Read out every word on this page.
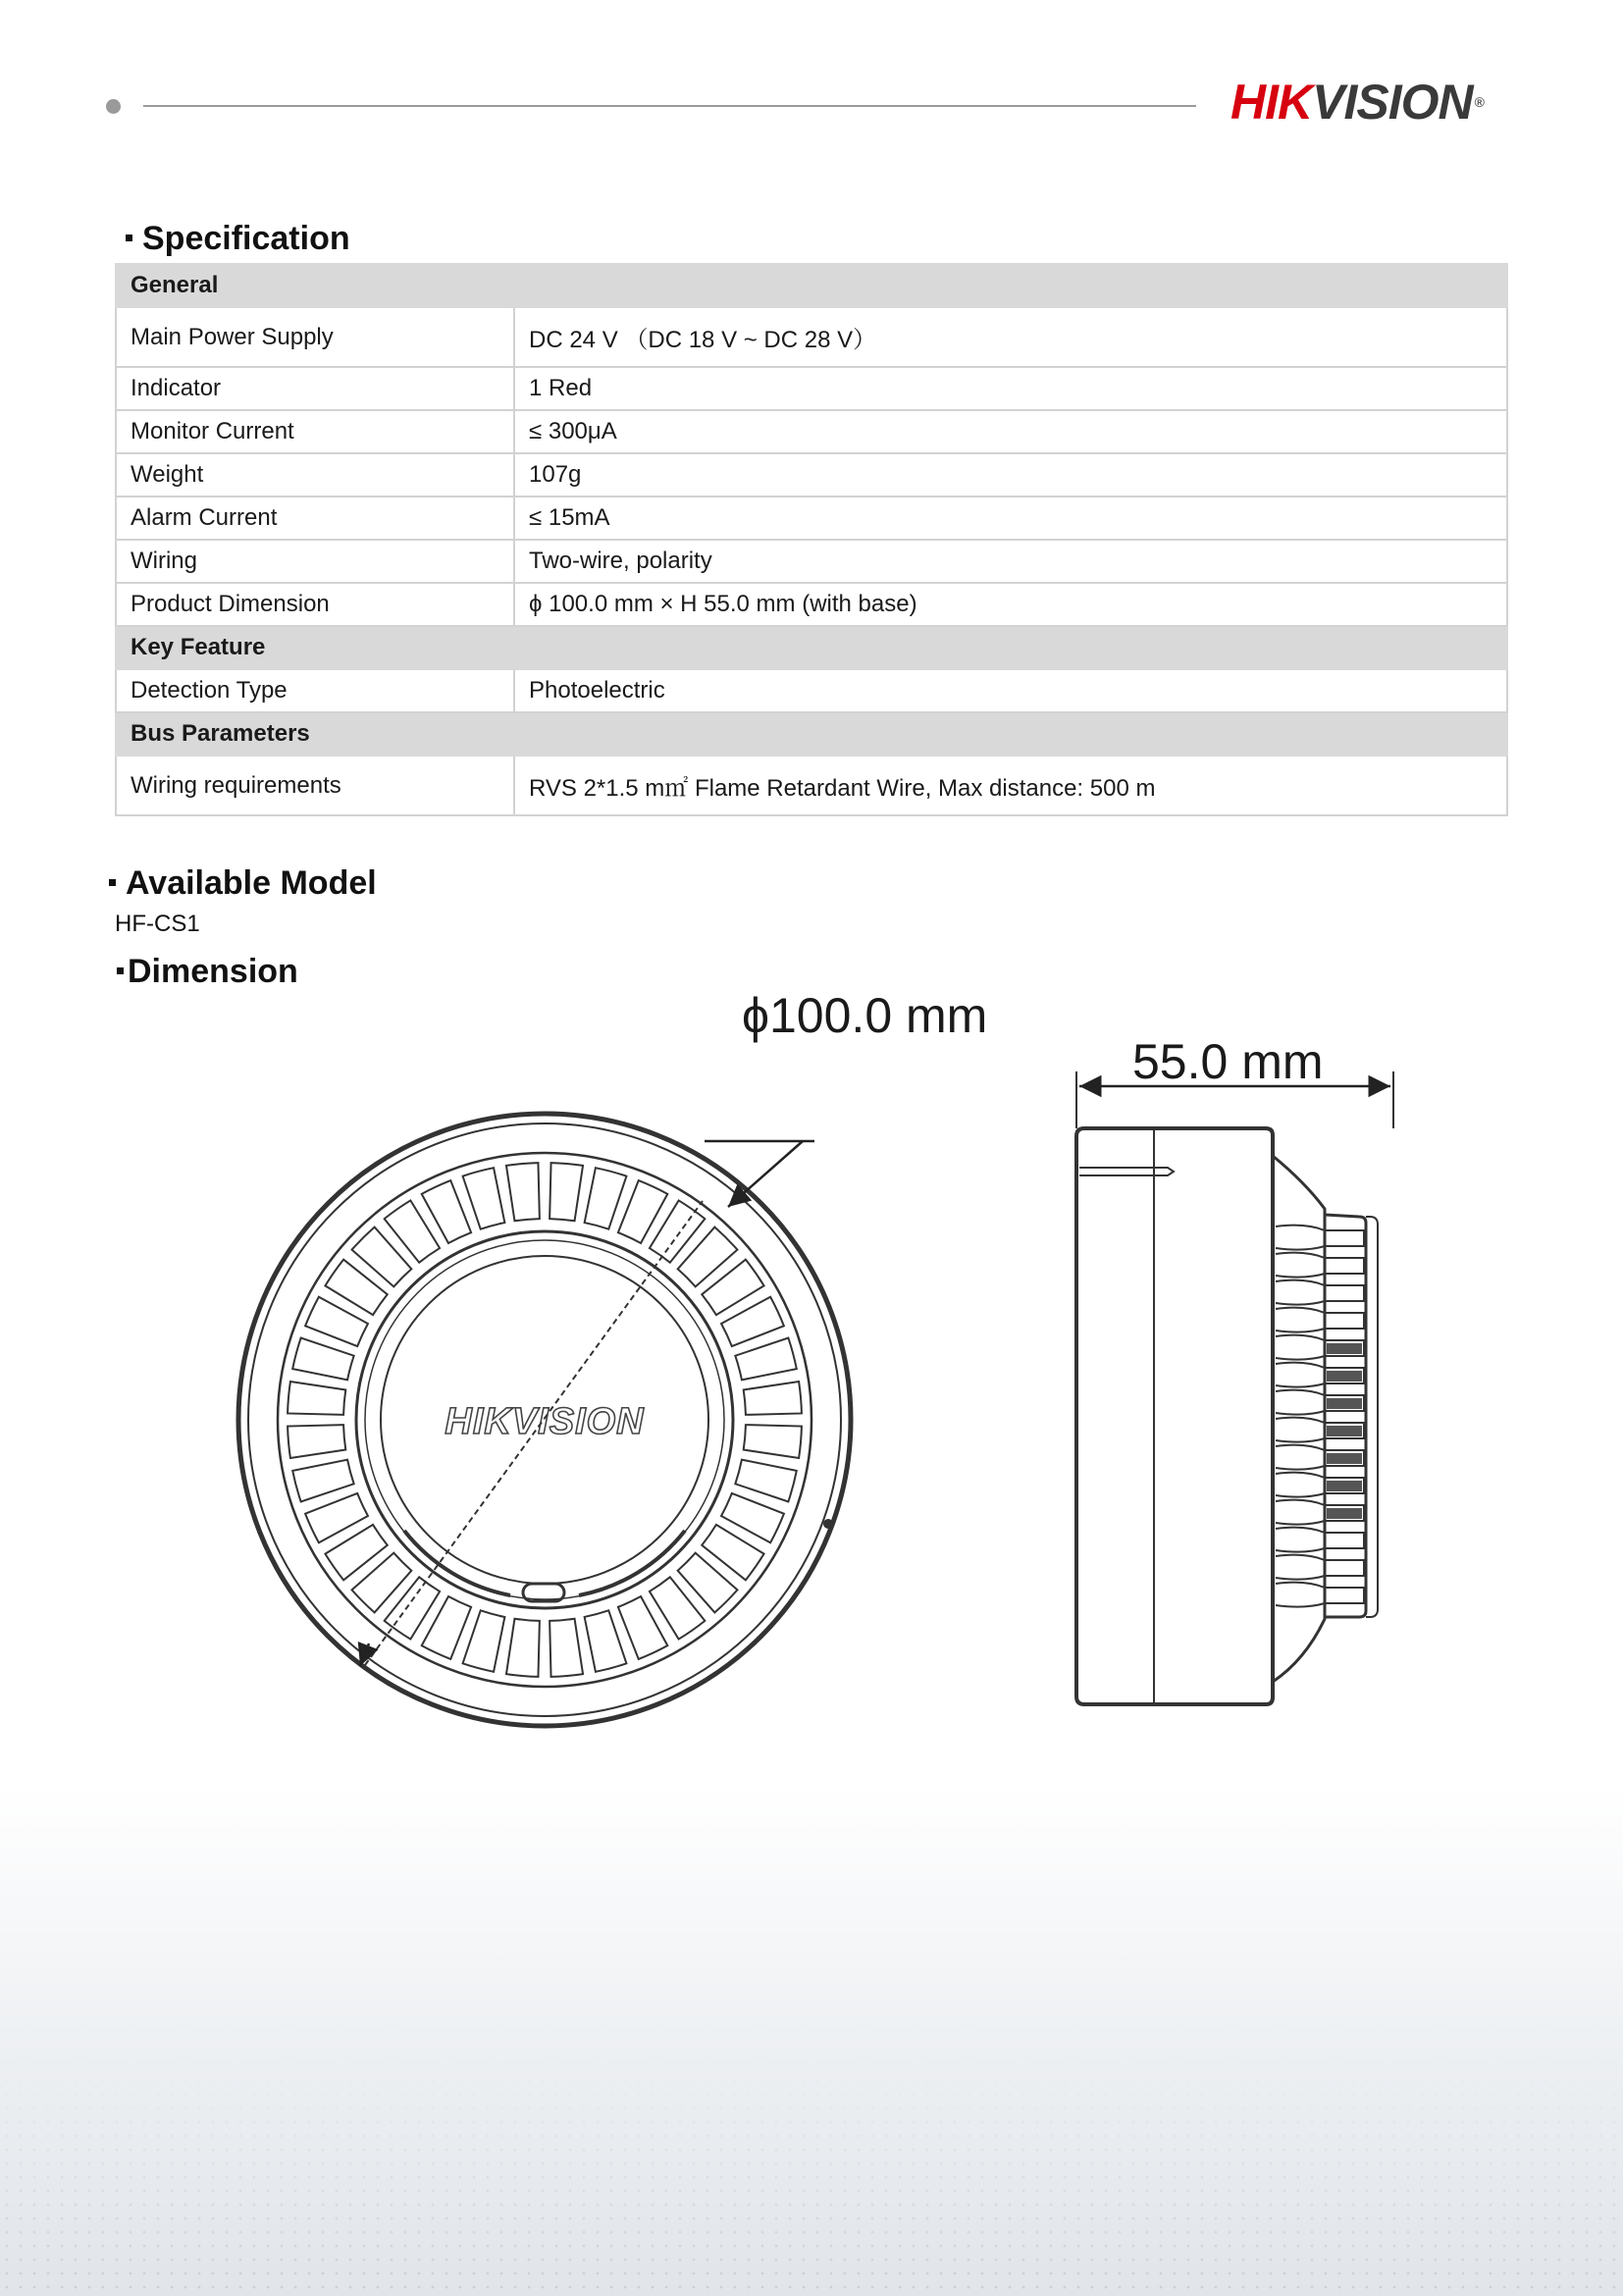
HIKVISION ®
Specification
General	
Main Power Supply	DC 24 V （DC 18 V ~ DC 28 V）
Indicator	1 Red
Monitor Current	≤ 300μA
Weight	107g
Alarm Current	≤ 15mA
Wiring	Two-wire, polarity
Product Dimension	ϕ 100.0 mm × H 55.0 mm (with base)
Key Feature	
Detection Type	Photoelectric
Bus Parameters	
Wiring requirements	RVS 2*1.5 m㎡ Flame Retardant Wire, Max distance: 500 m
Available Model
HF-CS1
Dimension
ϕ100.0 mm
55.0 mm
HIKVISION
